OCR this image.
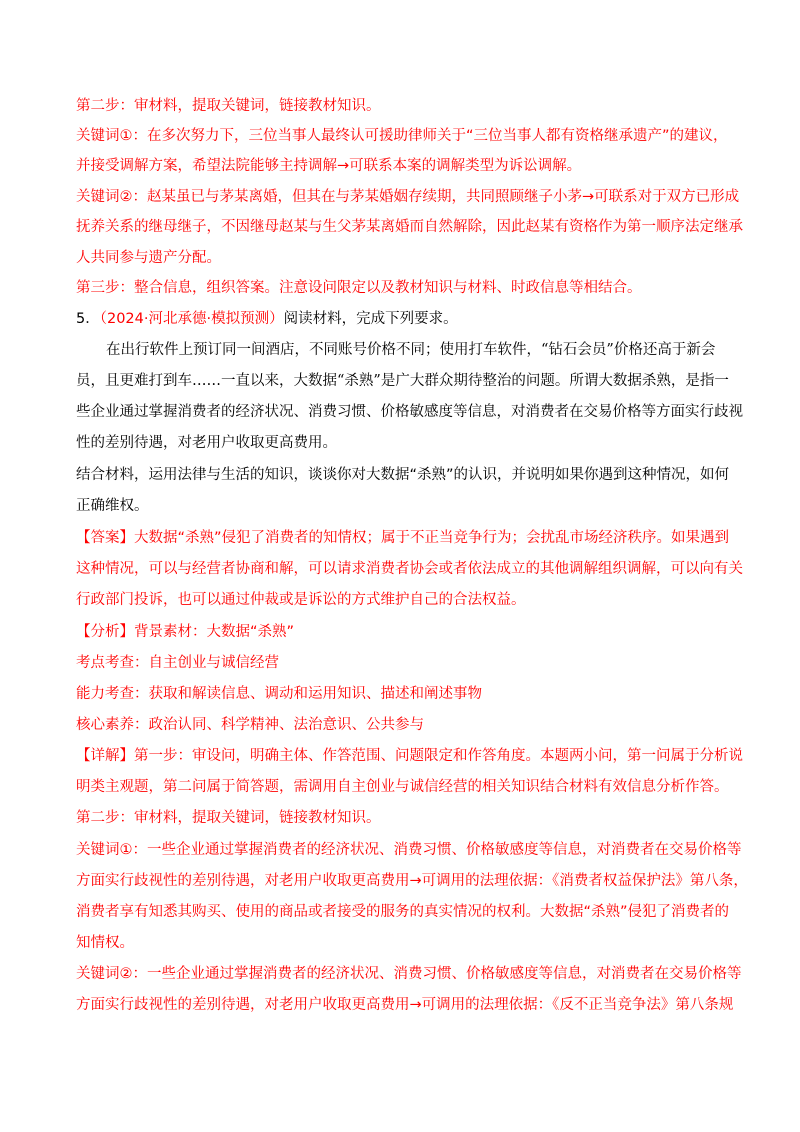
第二步：审材料，提取关键词，链接教材知识。
关键词①：在多次努力下，三位当事人最终认可援助律师关于“三位当事人都有资格继承遗产”的建议，
并接受调解方案，希望法院能够主持调解→可联系本案的调解类型为诉讼调解。
关键词②：赵某虽已与茅某离婚，但其在与茅某婚姻存续期，共同照顾继子小茅→可联系对于双方已形成
抚养关系的继母继子，不因继母赵某与生父茅某离婚而自然解除，因此赵某有资格作为第一顺序法定继承
人共同参与遗产分配。
第三步：整合信息，组织答案。注意设问限定以及教材知识与材料、时政信息等相结合。
5．（2024·河北承德·模拟预测）阅读材料，完成下列要求。
在出行软件上预订同一间酒店，不同账号价格不同；使用打车软件，“钻石会员”价格还高于新会
员，且更难打到车……一直以来，大数据“杀熟”是广大群众期待整治的问题。所谓大数据杀熟，是指一
些企业通过掌握消费者的经济状况、消费习惯、价格敏感度等信息，对消费者在交易价格等方面实行歧视
性的差别待遇，对老用户收取更高费用。
结合材料，运用法律与生活的知识，谈谈你对大数据“杀熟”的认识，并说明如果你遇到这种情况，如何
正确维权。
【答案】大数据“杀熟”侵犯了消费者的知情权；属于不正当竞争行为；会扰乱市场经济秩序。如果遇到
这种情况，可以与经营者协商和解，可以请求消费者协会或者依法成立的其他调解组织调解，可以向有关
行政部门投诉，也可以通过仲裁或是诉讼的方式维护自己的合法权益。
【分析】背景素材：大数据“杀熟”
考点考查：自主创业与诚信经营
能力考查：获取和解读信息、调动和运用知识、描述和阐述事物
核心素养：政治认同、科学精神、法治意识、公共参与
【详解】第一步：审设问，明确主体、作答范围、问题限定和作答角度。本题两小问，第一问属于分析说
明类主观题，第二问属于简答题，需调用自主创业与诚信经营的相关知识结合材料有效信息分析作答。
第二步：审材料，提取关键词，链接教材知识。
关键词①：一些企业通过掌握消费者的经济状况、消费习惯、价格敏感度等信息，对消费者在交易价格等
方面实行歧视性的差别待遇，对老用户收取更高费用→可调用的法理依据：《消费者权益保护法》第八条，
消费者享有知悉其购买、使用的商品或者接受的服务的真实情况的权利。大数据“杀熟”侵犯了消费者的
知情权。
关键词②：一些企业通过掌握消费者的经济状况、消费习惯、价格敏感度等信息，对消费者在交易价格等
方面实行歧视性的差别待遇，对老用户收取更高费用→可调用的法理依据：《反不正当竞争法》第八条规
